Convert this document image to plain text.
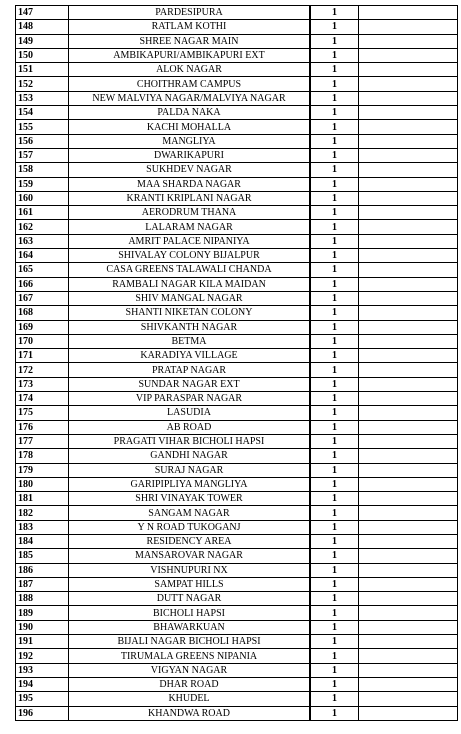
147	PARDESIPURA	1	
148	RATLAM KOTHI	1	
149	SHREE NAGAR MAIN	1	
150	AMBIKAPURI/AMBIKAPURI EXT	1	
151	ALOK NAGAR	1	
152	CHOITHRAM CAMPUS	1	
153	NEW MALVIYA NAGAR/MALVIYA NAGAR	1	
154	PALDA NAKA	1	
155	KACHI MOHALLA	1	
156	MANGLIYA	1	
157	DWARIKAPURI	1	
158	SUKHDEV NAGAR	1	
159	MAA SHARDA NAGAR	1	
160	KRANTI KRIPLANI NAGAR	1	
161	AERODRUM THANA	1	
162	LALARAM NAGAR	1	
163	AMRIT PALACE NIPANIYA	1	
164	SHIVALAY COLONY BIJALPUR	1	
165	CASA GREENS TALAWALI CHANDA	1	
166	RAMBALI NAGAR KILA MAIDAN	1	
167	SHIV MANGAL NAGAR	1	
168	SHANTI NIKETAN COLONY	1	
169	SHIVKANTH NAGAR	1	
170	BETMA	1	
171	KARADIYA VILLAGE	1	
172	PRATAP NAGAR	1	
173	SUNDAR NAGAR EXT	1	
174	VIP PARASPAR NAGAR	1	
175	LASUDIA	1	
176	AB ROAD	1	
177	PRAGATI VIHAR BICHOLI HAPSI	1	
178	GANDHI NAGAR	1	
179	SURAJ NAGAR	1	
180	GARIPIPLIYA MANGLIYA	1	
181	SHRI VINAYAK TOWER	1	
182	SANGAM NAGAR	1	
183	Y N ROAD TUKOGANJ	1	
184	RESIDENCY AREA	1	
185	MANSAROVAR NAGAR	1	
186	VISHNUPURI NX	1	
187	SAMPAT HILLS	1	
188	DUTT NAGAR	1	
189	BICHOLI HAPSI	1	
190	BHAWARKUAN	1	
191	BIJALI NAGAR BICHOLI HAPSI	1	
192	TIRUMALA GREENS NIPANIA	1	
193	VIGYAN NAGAR	1	
194	DHAR ROAD	1	
195	KHUDEL	1	
196	KHANDWA ROAD	1	
